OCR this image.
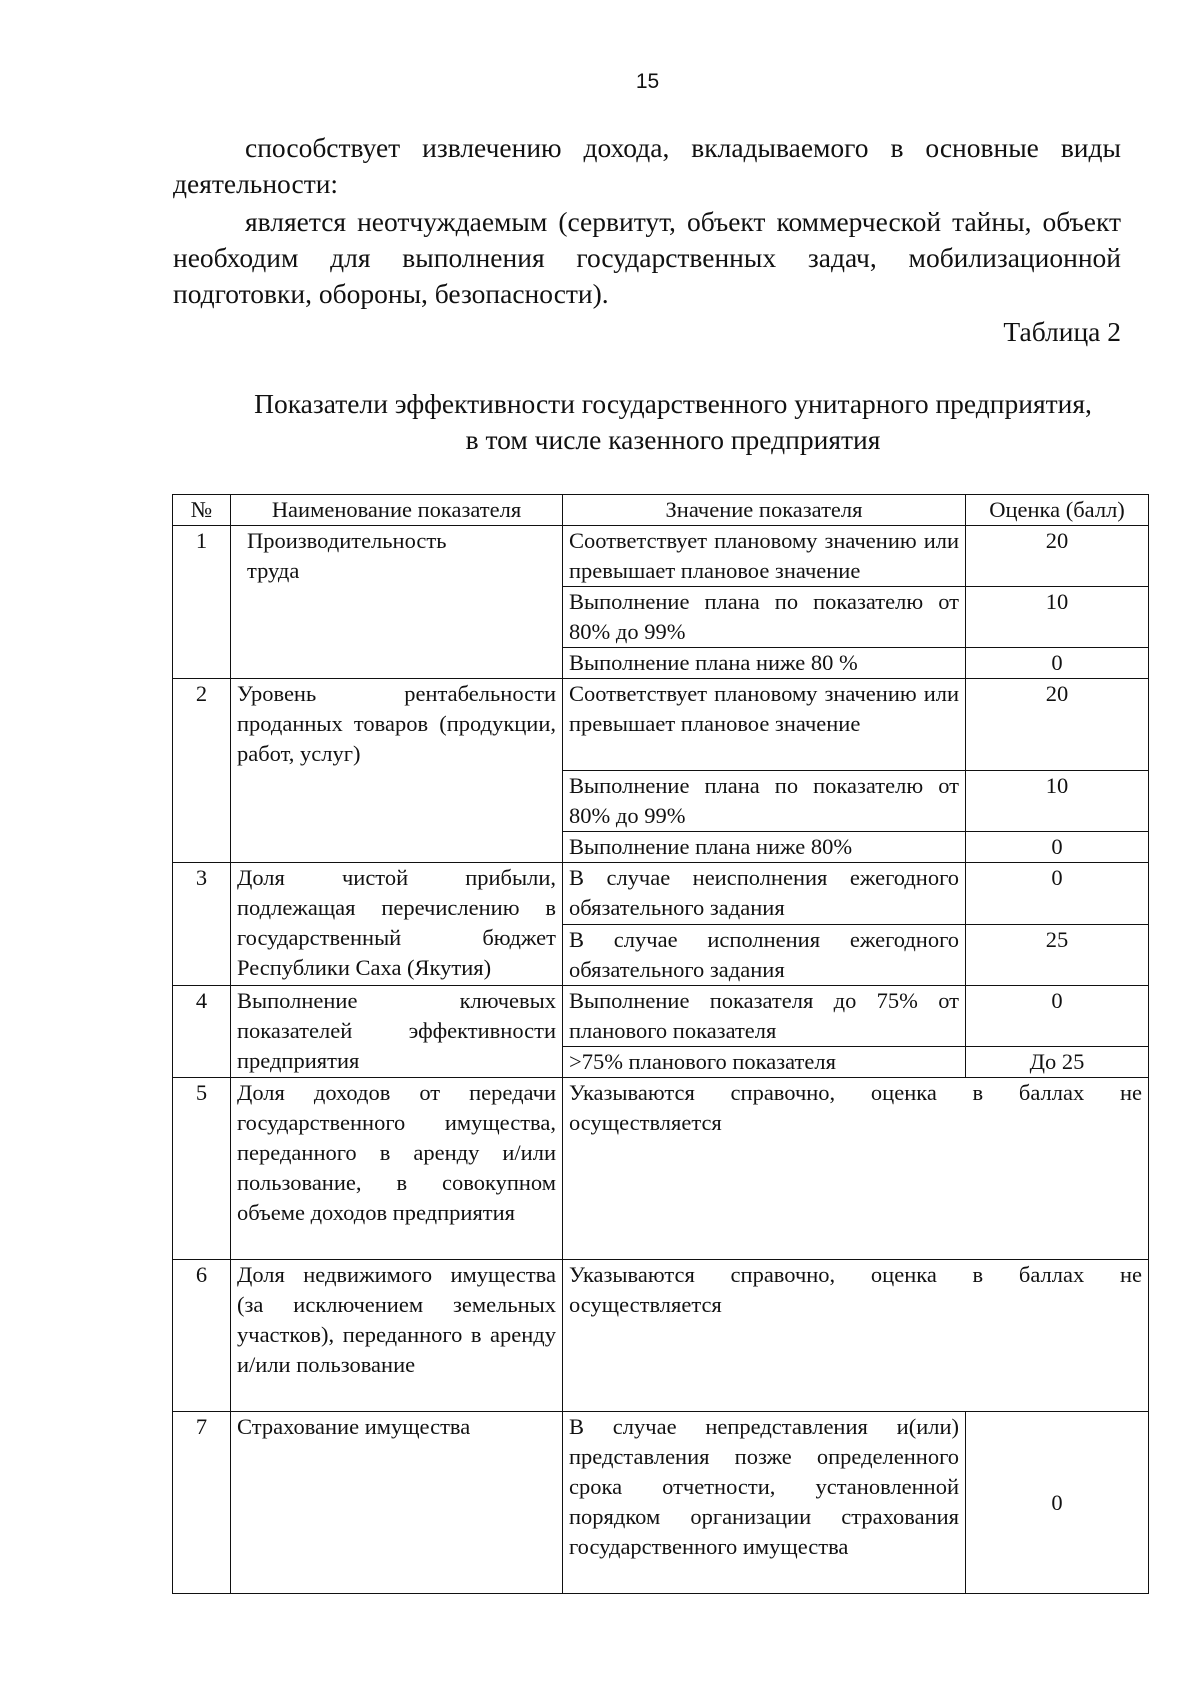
15

способствует извлечению дохода, вкладываемого в основные виды деятельности:

является неотчуждаемым (сервитут, объект коммерческой тайны, объект необходим для выполнения государственных задач, мобилизационной подготовки, обороны, безопасности).

Таблица 2
Показатели эффективности государственного унитарного предприятия,
в том числе казенного предприятия
№	Наименование показателя	Значение показателя	Оценка (балл)
1	Производительность труда	Соответствует плановому значению или превышает плановое значение	20
		Выполнение плана по показателю от 80% до 99%	10
		Выполнение плана ниже 80 %	0
2	Уровень рентабельности проданных товаров (продукции, работ, услуг)	Соответствует плановому значению или превышает плановое значение	20
		Выполнение плана по показателю от 80% до 99%	10
		Выполнение плана ниже 80%	0
3	Доля чистой прибыли, подлежащая перечислению в государственный бюджет Республики Саха (Якутия)	В случае неисполнения ежегодного обязательного задания	0
		В случае исполнения ежегодного обязательного задания	25
4	Выполнение ключевых показателей эффективности предприятия	Выполнение показателя до 75% от планового показателя	0
		>75% планового показателя	До 25
5	Доля доходов от передачи государственного имущества, переданного в аренду и/или пользование, в совокупном объеме доходов предприятия	Указываются справочно, оценка в баллах не осуществляется	
6	Доля недвижимого имущества (за исключением земельных участков), переданного в аренду и/или пользование	Указываются справочно, оценка в баллах не осуществляется	
7	Страхование имущества	В случае непредставления и(или) представления позже определенного срока отчетности, установленной порядком организации страхования государственного имущества	0
